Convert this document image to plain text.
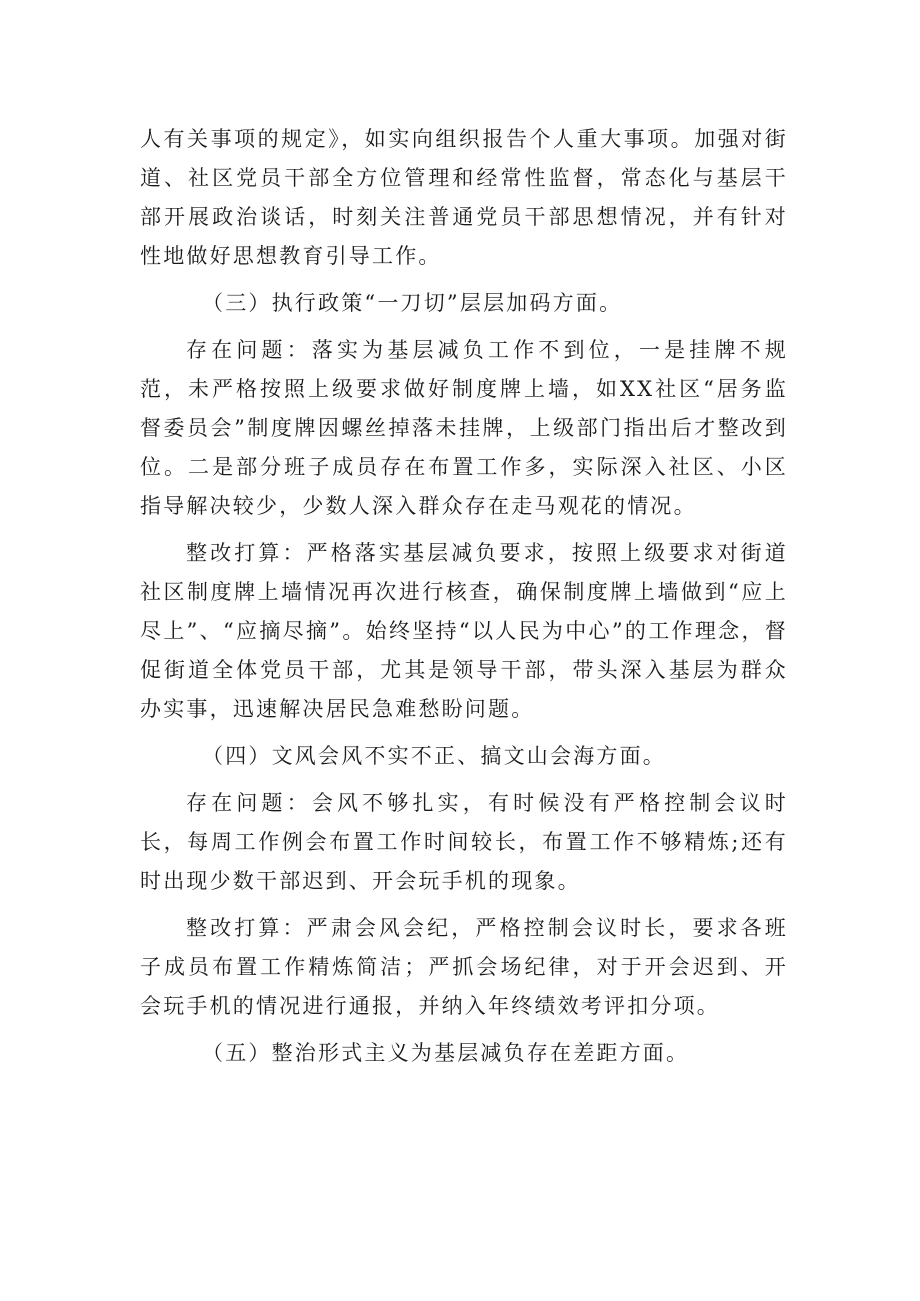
人有关事项的规定》，如实向组织报告个人重大事项。加强对街道、社区党员干部全方位管理和经常性监督，常态化与基层干部开展政治谈话，时刻关注普通党员干部思想情况，并有针对性地做好思想教育引导工作。

（三）执行政策“一刀切”层层加码方面。

存在问题：落实为基层减负工作不到位，一是挂牌不规范，未严格按照上级要求做好制度牌上墙，如XX社区“居务监督委员会”制度牌因螺丝掉落未挂牌，上级部门指出后才整改到位。二是部分班子成员存在布置工作多，实际深入社区、小区指导解决较少，少数人深入群众存在走马观花的情况。

整改打算：严格落实基层减负要求，按照上级要求对街道社区制度牌上墙情况再次进行核查，确保制度牌上墙做到“应上尽上”、“应摘尽摘”。始终坚持“以人民为中心”的工作理念，督促街道全体党员干部，尤其是领导干部，带头深入基层为群众办实事，迅速解决居民急难愁盼问题。

（四）文风会风不实不正、搞文山会海方面。

存在问题：会风不够扎实，有时候没有严格控制会议时长，每周工作例会布置工作时间较长，布置工作不够精炼;还有时出现少数干部迟到、开会玩手机的现象。

整改打算：严肃会风会纪，严格控制会议时长，要求各班子成员布置工作精炼简洁；严抓会场纪律，对于开会迟到、开会玩手机的情况进行通报，并纳入年终绩效考评扣分项。

（五）整治形式主义为基层减负存在差距方面。
